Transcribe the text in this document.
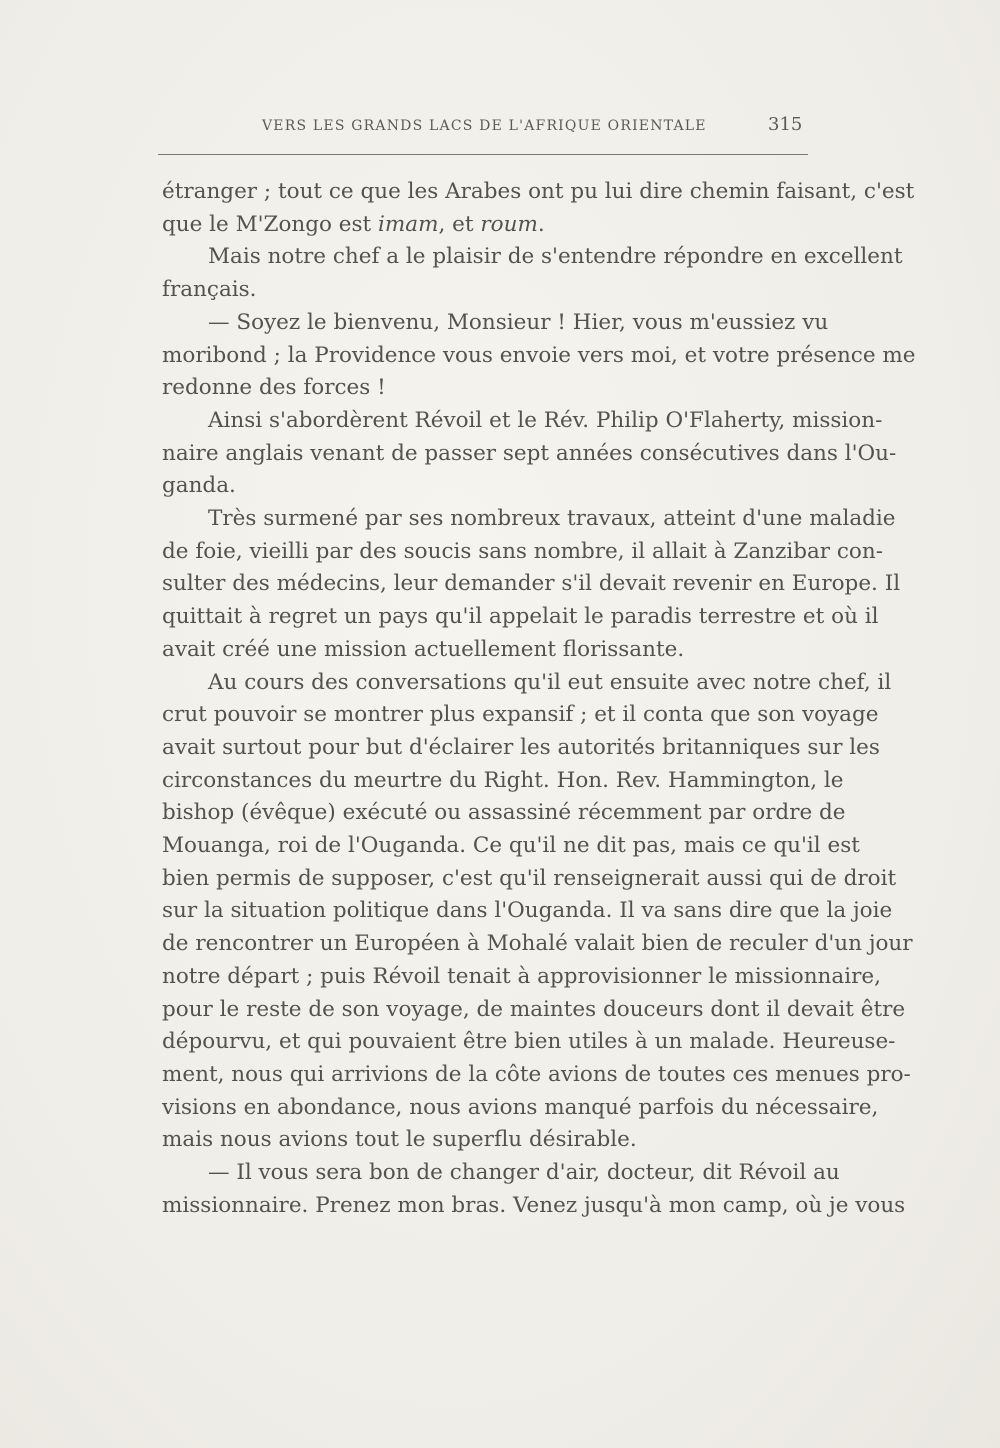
VERS LES GRANDS LACS DE L'AFRIQUE ORIENTALE	315
étranger ; tout ce que les Arabes ont pu lui dire chemin faisant, c'est
que le M'Zongo est imam, et roum.
Mais notre chef a le plaisir de s'entendre répondre en excellent
français.
— Soyez le bienvenu, Monsieur ! Hier, vous m'eussiez vu
moribond ; la Providence vous envoie vers moi, et votre présence me
redonne des forces !
Ainsi s'abordèrent Révoil et le Rév. Philip O'Flaherty, mission-
naire anglais venant de passer sept années consécutives dans l'Ou-
ganda.
Très surmené par ses nombreux travaux, atteint d'une maladie
de foie, vieilli par des soucis sans nombre, il allait à Zanzibar con-
sulter des médecins, leur demander s'il devait revenir en Europe. Il
quittait à regret un pays qu'il appelait le paradis terrestre et où il
avait créé une mission actuellement florissante.
Au cours des conversations qu'il eut ensuite avec notre chef, il
crut pouvoir se montrer plus expansif ; et il conta que son voyage
avait surtout pour but d'éclairer les autorités britanniques sur les
circonstances du meurtre du Right. Hon. Rev. Hammington, le
bishop (évêque) exécuté ou assassiné récemment par ordre de
Mouanga, roi de l'Ouganda. Ce qu'il ne dit pas, mais ce qu'il est
bien permis de supposer, c'est qu'il renseignerait aussi qui de droit
sur la situation politique dans l'Ouganda. Il va sans dire que la joie
de rencontrer un Européen à Mohalé valait bien de reculer d'un jour
notre départ ; puis Révoil tenait à approvisionner le missionnaire,
pour le reste de son voyage, de maintes douceurs dont il devait être
dépourvu, et qui pouvaient être bien utiles à un malade. Heureuse-
ment, nous qui arrivions de la côte avions de toutes ces menues pro-
visions en abondance, nous avions manqué parfois du nécessaire,
mais nous avions tout le superflu désirable.
— Il vous sera bon de changer d'air, docteur, dit Révoil au
missionnaire. Prenez mon bras. Venez jusqu'à mon camp, où je vous
